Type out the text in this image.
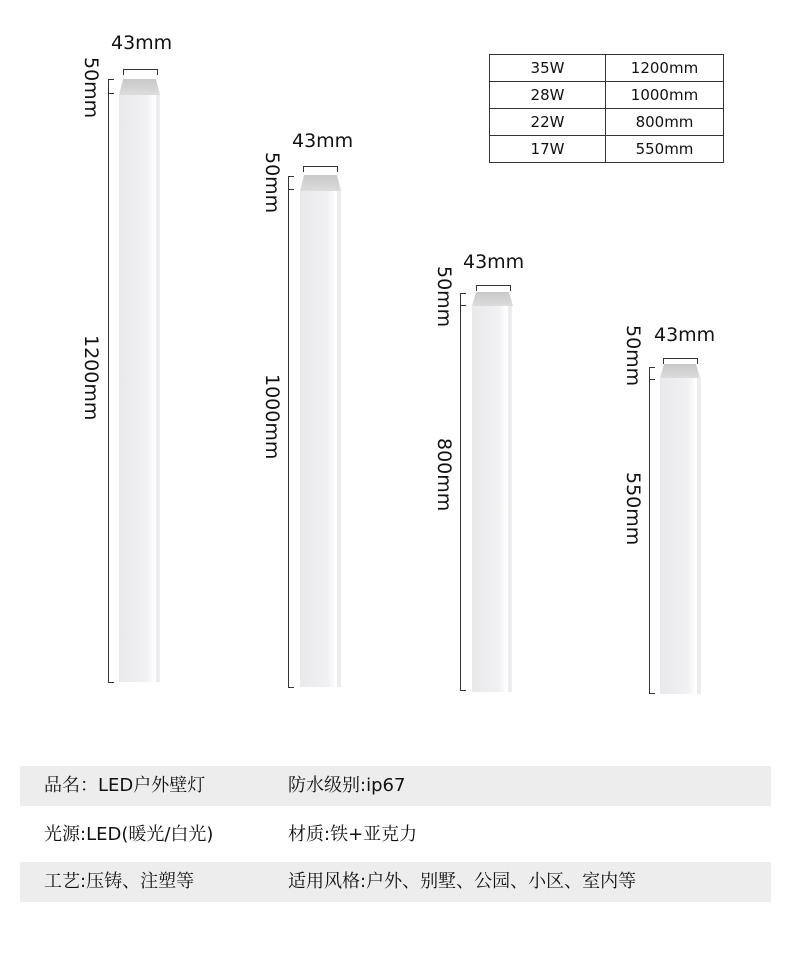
43mm
50mm
1200mm
43mm
50mm
1000mm
43mm
50mm
800mm
43mm
50mm
550mm
35W	1200mm
28W	1000mm
22W	800mm
17W	550mm
品名：LED户外壁灯	防水级别:ip67
光源:LED(暖光/白光)	材质:铁+亚克力
工艺:压铸、注塑等	适用风格:户外、别墅、公园、小区、室内等
